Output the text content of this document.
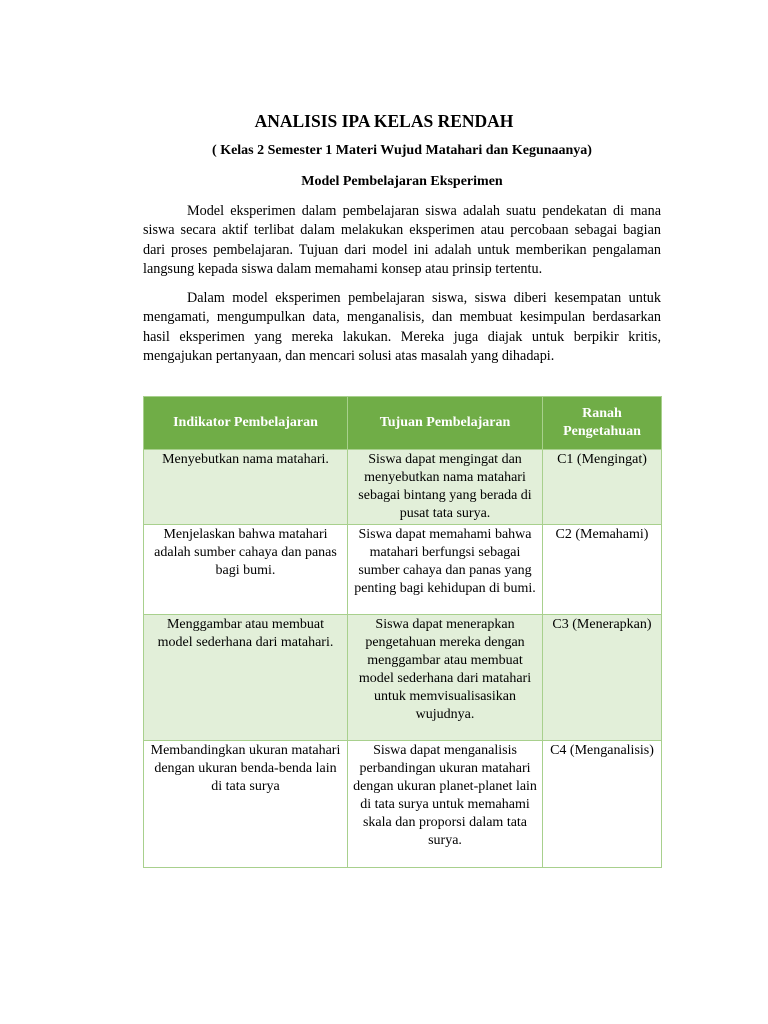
ANALISIS IPA KELAS RENDAH
( Kelas 2 Semester 1 Materi Wujud Matahari dan Kegunaanya)
Model Pembelajaran Eksperimen

Model eksperimen dalam pembelajaran siswa adalah suatu pendekatan di mana siswa secara aktif terlibat dalam melakukan eksperimen atau percobaan sebagai bagian dari proses pembelajaran. Tujuan dari model ini adalah untuk memberikan pengalaman langsung kepada siswa dalam memahami konsep atau prinsip tertentu.

Dalam model eksperimen pembelajaran siswa, siswa diberi kesempatan untuk mengamati, mengumpulkan data, menganalisis, dan membuat kesimpulan berdasarkan hasil eksperimen yang mereka lakukan. Mereka juga diajak untuk berpikir kritis, mengajukan pertanyaan, dan mencari solusi atas masalah yang dihadapi.

Indikator Pembelajaran	Tujuan Pembelajaran	Ranah Pengetahuan
Menyebutkan nama matahari.	Siswa dapat mengingat dan menyebutkan nama matahari sebagai bintang yang berada di pusat tata surya.	C1 (Mengingat)
Menjelaskan bahwa matahari adalah sumber cahaya dan panas bagi bumi.	Siswa dapat memahami bahwa matahari berfungsi sebagai sumber cahaya dan panas yang penting bagi kehidupan di bumi.	C2 (Memahami)
Menggambar atau membuat model sederhana dari matahari.	Siswa dapat menerapkan pengetahuan mereka dengan menggambar atau membuat model sederhana dari matahari untuk memvisualisasikan wujudnya.	C3 (Menerapkan)
Membandingkan ukuran matahari dengan ukuran benda-benda lain di tata surya	Siswa dapat menganalisis perbandingan ukuran matahari dengan ukuran planet-planet lain di tata surya untuk memahami skala dan proporsi dalam tata surya.	C4 (Menganalisis)
